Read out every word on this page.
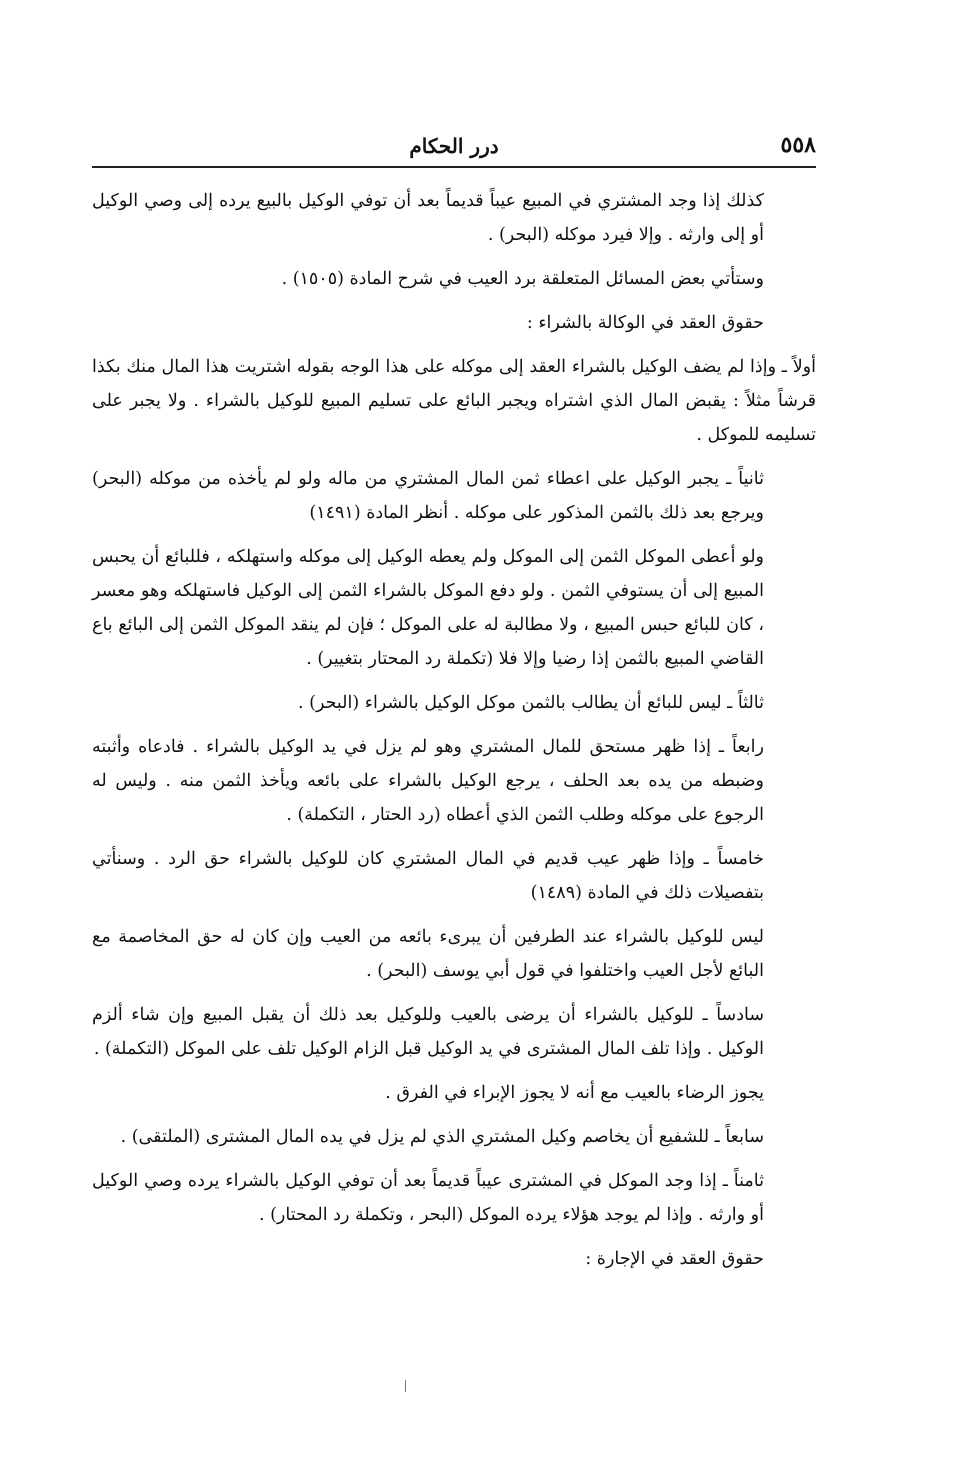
٥٥٨
درر الحكام

كذلك إذا وجد المشتري في المبيع عيباً قديماً بعد أن توفي الوكيل بالبيع يرده إلى وصي الوكيل أو إلى وارثه . وإلا فيرد موكله (البحر) .

وستأتي بعض المسائل المتعلقة برد العيب في شرح المادة (١٥٠٥) .

حقوق العقد في الوكالة بالشراء :

أولاً ـ وإذا لم يضف الوكيل بالشراء العقد إلى موكله على هذا الوجه بقوله اشتريت هذا المال منك بكذا قرشاً مثلاً : يقبض المال الذي اشتراه ويجبر البائع على تسليم المبيع للوكيل بالشراء . ولا يجبر على تسليمه للموكل .

ثانياً ـ يجبر الوكيل على اعطاء ثمن المال المشتري من ماله ولو لم يأخذه من موكله (البحر) ويرجع بعد ذلك بالثمن المذكور على موكله . أنظر المادة (١٤٩١)

ولو أعطى الموكل الثمن إلى الموكل ولم يعطه الوكيل إلى موكله واستهلكه ، فللبائع أن يحبس المبيع إلى أن يستوفي الثمن . ولو دفع الموكل بالشراء الثمن إلى الوكيل فاستهلكه وهو معسر ، كان للبائع حبس المبيع ، ولا مطالبة له على الموكل ؛ فإن لم ينقد الموكل الثمن إلى البائع باع القاضي المبيع بالثمن إذا رضيا وإلا فلا (تكملة رد المحتار بتغيير) .

ثالثاً ـ ليس للبائع أن يطالب بالثمن موكل الوكيل بالشراء (البحر) .

رابعاً ـ إذا ظهر مستحق للمال المشتري وهو لم يزل في يد الوكيل بالشراء . فادعاه وأثبته وضبطه من يده بعد الحلف ، يرجع الوكيل بالشراء على بائعه ويأخذ الثمن منه . وليس له الرجوع على موكله وطلب الثمن الذي أعطاه (رد الحتار ، التكملة) .

خامساً ـ وإذا ظهر عيب قديم في المال المشتري كان للوكيل بالشراء حق الرد . وسنأتي بتفصيلات ذلك في المادة (١٤٨٩)

ليس للوكيل بالشراء عند الطرفين أن يبرىء بائعه من العيب وإن كان له حق المخاصمة مع البائع لأجل العيب واختلفوا في قول أبي يوسف (البحر) .

سادساً ـ للوكيل بالشراء أن يرضى بالعيب وللوكيل بعد ذلك أن يقبل المبيع وإن شاء ألزم الوكيل . وإذا تلف المال المشترى في يد الوكيل قبل الزام الوكيل تلف على الموكل (التكملة) .

يجوز الرضاء بالعيب مع أنه لا يجوز الإبراء في الفرق .

سابعاً ـ للشفيع أن يخاصم وكيل المشتري الذي لم يزل في يده المال المشترى (الملتقى) .

ثامناً ـ إذا وجد الموكل في المشترى عيباً قديماً بعد أن توفي الوكيل بالشراء يرده وصي الوكيل أو وارثه . وإذا لم يوجد هؤلاء يرده الموكل (البحر ، وتكملة رد المحتار) .

حقوق العقد في الإجارة :
